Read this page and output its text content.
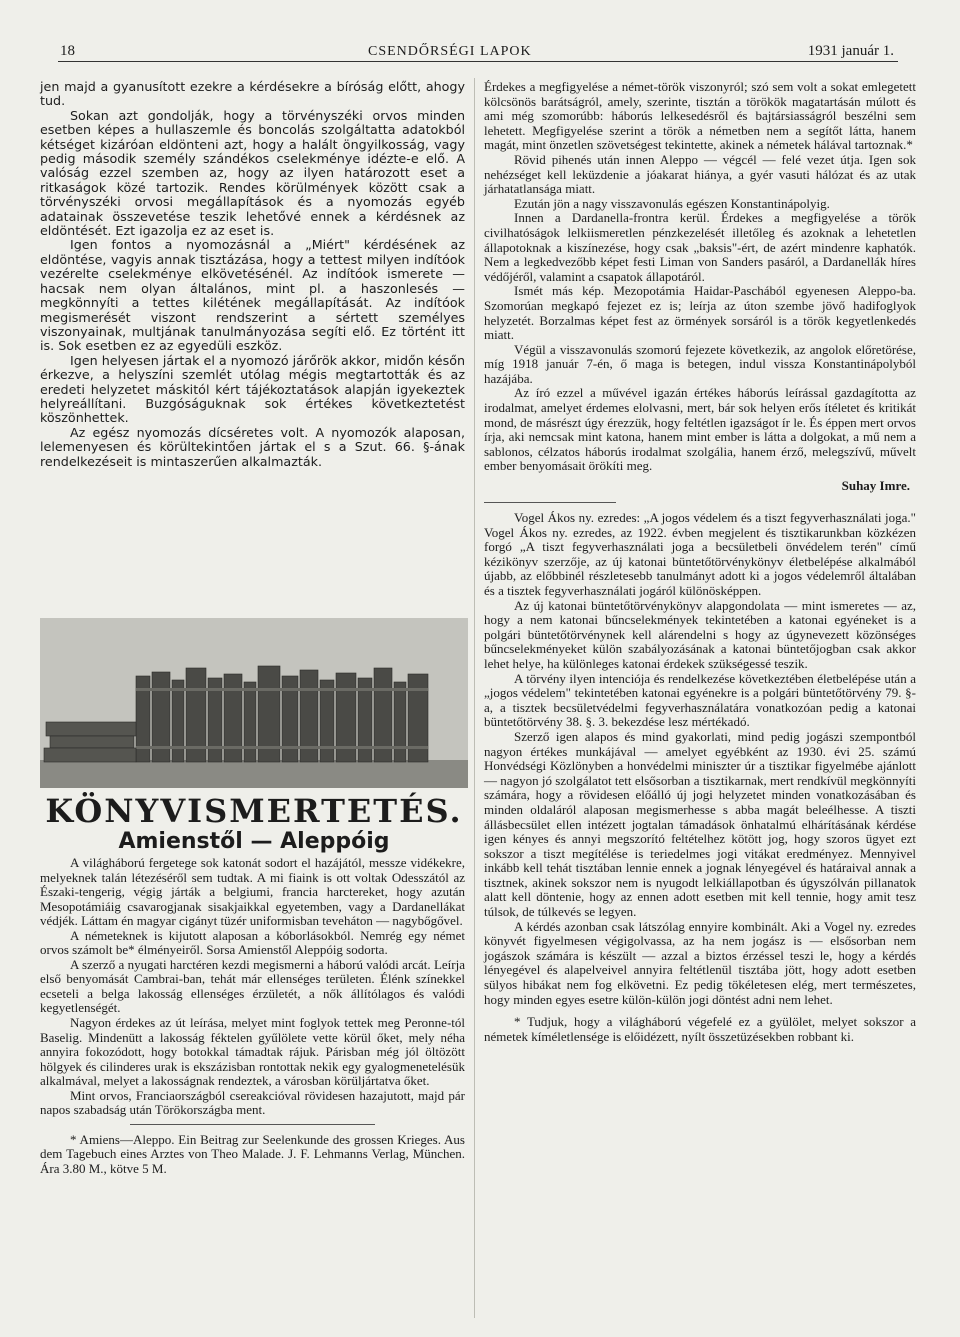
18	CSENDŐRSÉGI LAPOK	1931 január 1.

jen majd a gyanusított ezekre a kérdésekre a bíróság előtt, ahogy tud.

Sokan azt gondolják, hogy a törvényszéki orvos minden esetben képes a hullaszemle és boncolás szolgáltatta adatokból kétséget kizáróan eldönteni azt, hogy a halált öngyilkosság, vagy pedig második személy szándékos cselekménye idézte-e elő. A valóság ezzel szemben az, hogy az ilyen határozott eset a ritkaságok közé tartozik. Rendes körülmények között csak a törvényszéki orvosi megállapítások és a nyomozás egyéb adatainak összevetése teszik lehetővé ennek a kérdésnek az eldöntését. Ezt igazolja ez az eset is.

Igen fontos a nyomozásnál a „Miért" kérdésének az eldöntése, vagyis annak tisztázása, hogy a tettest milyen indítóok vezérelte cselekménye elkövetésénél. Az indítóok ismerete — hacsak nem olyan általános, mint pl. a haszonlesés — megkönnyíti a tettes kilétének megállapítását. Az indítóok megismerését viszont rendszerint a sértett személyes viszonyainak, multjának tanulmányozása segíti elő. Ez történt itt is. Sok esetben ez az egyedüli eszköz.

Igen helyesen jártak el a nyomozó járőrök akkor, midőn későn érkezve, a helyszíni szemlét utólag mégis megtartották és az eredeti helyzetet máskitól kért tájékoztatások alapján igyekeztek helyreállítani. Buzgóságuknak sok értékes következtetést köszönhettek.

Az egész nyomozás dícséretes volt. A nyomozók alaposan, lelemenyesen és körültekintően jártak el s a Szut. 66. §-ának rendelkezéseit is mintaszerűen alkalmazták.

KÖNYVISMERTETÉS.
Amienstől — Aleppóig

A világháború fergetege sok katonát sodort el hazájától, messze vidékekre, melyeknek talán létezéséről sem tudtak. A mi fiaink is ott voltak Odesszától az Északi-tengerig, végig járták a belgiumi, francia harctereket, hogy azután Mesopotámiáig csavarogjanak sisakjaikkal egyetemben, vagy a Dardanellákat védjék. Láttam én magyar cigányt tüzér uniformisban teveháton — nagybőgővel.

A németeknek is kijutott alaposan a kóborlásokból. Nemrég egy német orvos számolt be* élményeiről. Sorsa Amienstől Aleppóig sodorta.

A szerző a nyugati harctéren kezdi megismerni a háború valódi arcát. Leírja első benyomását Cambrai-ban, tehát már ellenséges területen. Élénk színekkel ecseteli a belga lakosság ellenséges érzületét, a nők állítólagos és valódi kegyetlenségét.

Nagyon érdekes az út leírása, melyet mint foglyok tettek meg Peronne-tól Baselig. Mindenütt a lakosság féktelen gyűlölete vette körül őket, mely néha annyira fokozódott, hogy botokkal támadtak rájuk. Párisban még jól öltözött hölgyek és cilinderes urak is ekszázisban rontottak nekik egy gyalogmenetelésük alkalmával, melyet a lakosságnak rendeztek, a városban körüljártatva őket.

Mint orvos, Franciaországból csereakcióval rövidesen hazajutott, majd pár napos szabadság után Törökországba ment.

* Amiens—Aleppo. Ein Beitrag zur Seelenkunde des grossen Krieges. Aus dem Tagebuch eines Arztes von Theo Malade. J. F. Lehmanns Verlag, München. Ára 3.80 M., kötve 5 M.

Érdekes a megfigyelése a német-török viszonyról; szó sem volt a sokat emlegetett kölcsönös barátságról, amely, szerinte, tisztán a törökök magatartásán múlott és ami még szomorúbb: háborús lelkesedésről és bajtársiasságról beszélni sem lehetett. Megfigyelése szerint a török a németben nem a segítőt látta, hanem magát, mint önzetlen szövetségest tekintette, akinek a németek hálával tartoznak.*

Rövid pihenés után innen Aleppo — végcél — felé vezet útja. Igen sok nehézséget kell leküzdenie a jóakarat hiánya, a gyér vasuti hálózat és az utak járhatatlansága miatt.

Ezután jön a nagy visszavonulás egészen Konstantinápolyig.

Innen a Dardanella-frontra kerül. Érdekes a megfigyelése a török civilhatóságok lelkiismeretlen pénzkezelését illetőleg és azoknak a lehetetlen állapotoknak a kiszínezése, hogy csak „baksis"-ért, de azért mindenre kaphatók. Nem a legkedvezőbb képet festi Liman von Sanders pasáról, a Dardanellák híres védőjéről, valamint a csapatok állapotáról.

Ismét más kép. Mezopotámia Haidar-Paschából egyenesen Aleppo-ba. Szomorúan megkapó fejezet ez is; leírja az úton szembe jövő hadifoglyok helyzetét. Borzalmas képet fest az örmények sorsáról is a török kegyetlenkedés miatt.

Végül a visszavonulás szomorú fejezete következik, az angolok előretörése, míg 1918 január 7-én, ő maga is betegen, indul vissza Konstantinápolyból hazájába.

Az író ezzel a művével igazán értékes háborús leírással gazdagította az irodalmat, amelyet érdemes elolvasni, mert, bár sok helyen erős ítéletet és kritikát mond, de másrészt úgy érezzük, hogy feltétlen igazságot ír le. És éppen mert orvos írja, aki nemcsak mint katona, hanem mint ember is látta a dolgokat, a mű nem a sablonos, célzatos háborús irodalmat szolgália, hanem érző, melegszívű, művelt ember benyomásait örökíti meg.

Suhay Imre.

Vogel Ákos ny. ezredes: „A jogos védelem és a tiszt fegyverhasználati joga." Vogel Ákos ny. ezredes, az 1922. évben megjelent és tisztikarunkban közkézen forgó „A tiszt fegyverhasználati joga a becsületbeli önvédelem terén" című kézikönyv szerzője, az új katonai büntetőtörvénykönyv életbelépése alkalmából újabb, az előbbinél részletesebb tanulmányt adott ki a jogos védelemről általában és a tisztek fegyverhasználati jogáról különösképpen.

Az új katonai büntetőtörvénykönyv alapgondolata — mint ismeretes — az, hogy a nem katonai bűncselekmények tekintetében a katonai egyéneket is a polgári büntetőtörvénynek kell alárendelni s hogy az úgynevezett közönséges bűncselekményeket külön szabályozásának a katonai büntetőjogban csak akkor lehet helye, ha különleges katonai érdekek szükségessé teszik.

A törvény ilyen intenciója és rendelkezése következtében életbelépése után a „jogos védelem" tekintetében katonai egyénekre is a polgári büntetőtörvény 79. §-a, a tisztek becsületvédelmi fegyverhasználatára vonatkozóan pedig a katonai büntetőtörvény 38. §. 3. bekezdése lesz mértékadó.

Szerző igen alapos és mind gyakorlati, mind pedig jogászi szempontból nagyon értékes munkájával — amelyet egyébként az 1930. évi 25. számú Honvédségi Közlönyben a honvédelmi miniszter úr a tisztikar figyelmébe ajánlott — nagyon jó szolgálatot tett elsősorban a tisztikarnak, mert rendkívül megkönnyíti számára, hogy a rövidesen előálló új jogi helyzetet minden vonatkozásában és minden oldaláról alaposan megismerhesse s abba magát beleélhesse. A tiszti állásbecsület ellen intézett jogtalan támadások önhatalmú elhárításának kérdése igen kényes és annyi megszorító feltételhez kötött jog, hogy szoros ügyet ezt sokszor a tiszt megítélése is teriedelmes jogi vitákat eredményez. Mennyivel inkább kell tehát tisztában lennie ennek a jognak lényegével és határaival annak a tisztnek, akinek sokszor nem is nyugodt lelkiállapotban és úgyszólván pillanatok alatt kell döntenie, hogy az ennen adott esetben mit kell tennie, hogy amit tesz túlsok, de túlkevés se legyen.

A kérdés azonban csak látszólag ennyire kombinált. Aki a Vogel ny. ezredes könyvét figyelmesen végigolvassa, az ha nem jogász is — elsősorban nem jogászok számára is készült — azzal a biztos érzéssel teszi le, hogy a kérdés lényegével és alapelveivel annyira feltétlenül tisztába jött, hogy adott esetben sülyos hibákat nem fog elkövetni. Ez pedig tökéletesen elég, mert természetes, hogy minden egyes esetre külön-külön jogi döntést adni nem lehet.

* Tudjuk, hogy a világháború végefelé ez a gyülölet, melyet sokszor a németek kíméletlensége is előidézett, nyílt összetüzésekben robbant ki.
